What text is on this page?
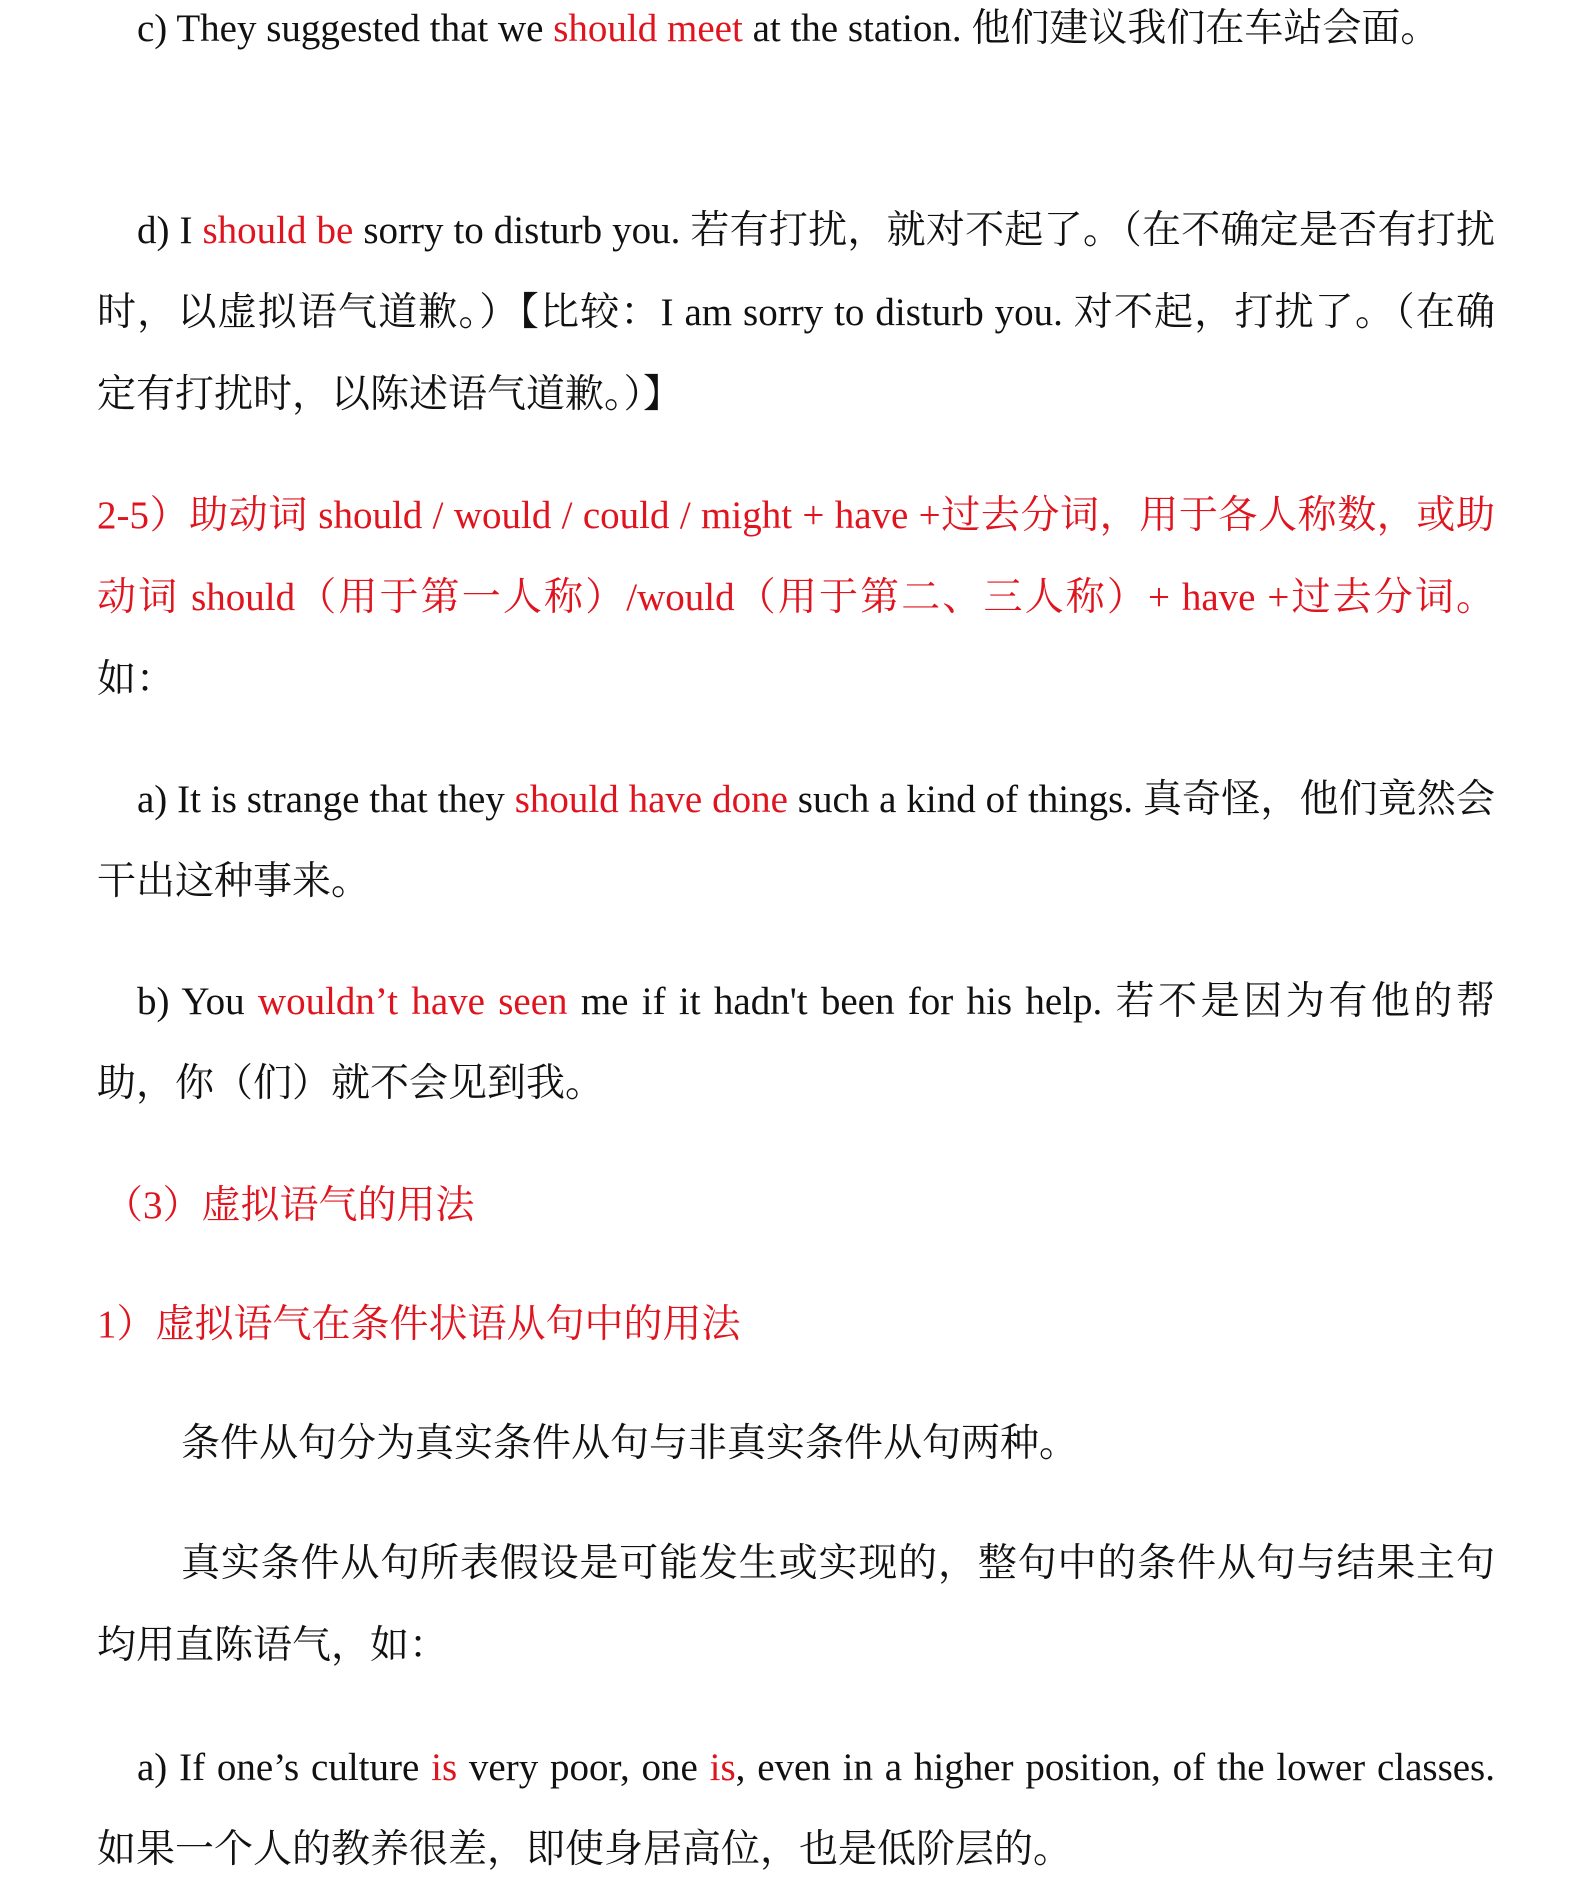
c) They suggested that we should meet at the station. 他们建议我们在车站会面。

d) I should be sorry to disturb you. 若有打扰，就对不起了。（在不确定是否有打扰时，以虚拟语气道歉。）【比较：I am sorry to disturb you. 对不起，打扰了。（在确定有打扰时，以陈述语气道歉。）】

2-5）助动词 should / would / could / might + have +过去分词，用于各人称数，或助动词 should（用于第一人称）/would（用于第二、三人称）+ have +过去分词。如：

a) It is strange that they should have done such a kind of things. 真奇怪，他们竟然会干出这种事来。

b) You wouldn’t have seen me if it hadn't been for his help. 若不是因为有他的帮助，你（们）就不会见到我。

（3）虚拟语气的用法

1）虚拟语气在条件状语从句中的用法

条件从句分为真实条件从句与非真实条件从句两种。

真实条件从句所表假设是可能发生或实现的，整句中的条件从句与结果主句均用直陈语气，如：

a) If one’s culture is very poor, one is, even in a higher position, of the lower classes. 如果一个人的教养很差，即使身居高位，也是低阶层的。
